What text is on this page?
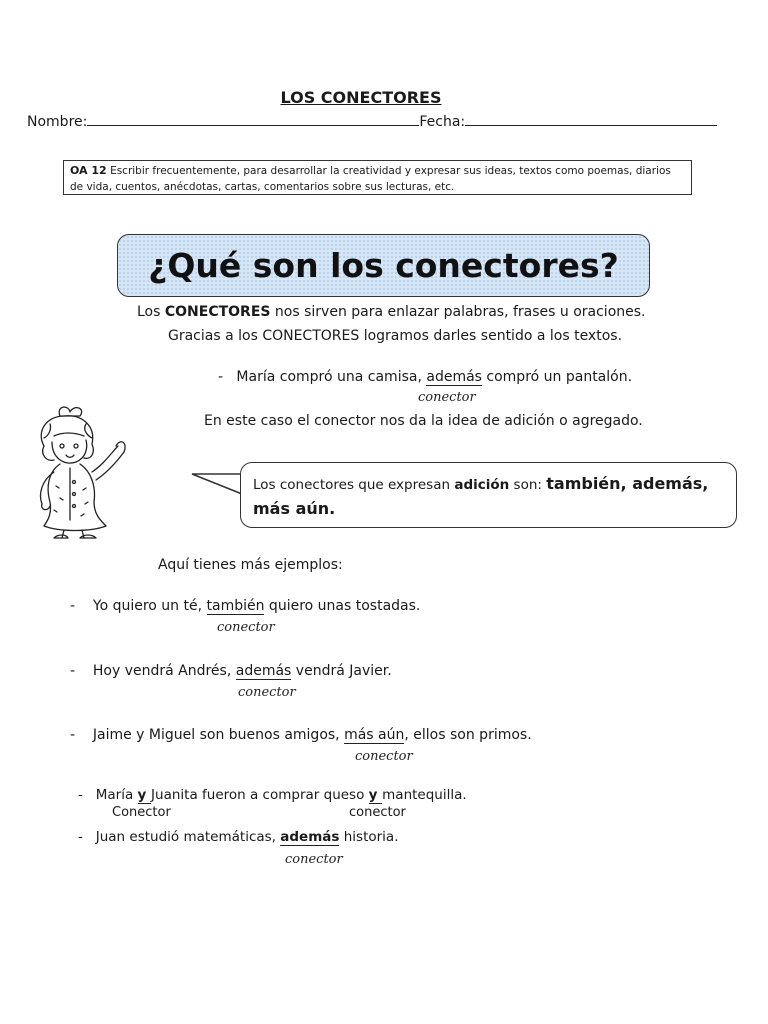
LOS CONECTORES
Nombre:	Fecha:
OA 12 Escribir frecuentemente, para desarrollar la creatividad y expresar sus ideas, textos como poemas, diarios de vida, cuentos, anécdotas, cartas, comentarios sobre sus lecturas, etc.
¿Qué son los conectores?
Los CONECTORES nos sirven para enlazar palabras, frases u oraciones.
Gracias a los CONECTORES logramos darles sentido a los textos.
- María compró una camisa, además compró un pantalón.
conector
En este caso el conector nos da la idea de adición o agregado.
Los conectores que expresan adición son: también, además,
más aún.
Aquí tienes más ejemplos:
- Yo quiero un té, también quiero unas tostadas.
conector
- Hoy vendrá Andrés, además vendrá Javier.
conector
- Jaime y Miguel son buenos amigos, más aún, ellos son primos.
conector
- María y Juanita fueron a comprar queso y mantequilla.
Conector	conector
- Juan estudió matemáticas, además historia.
conector
